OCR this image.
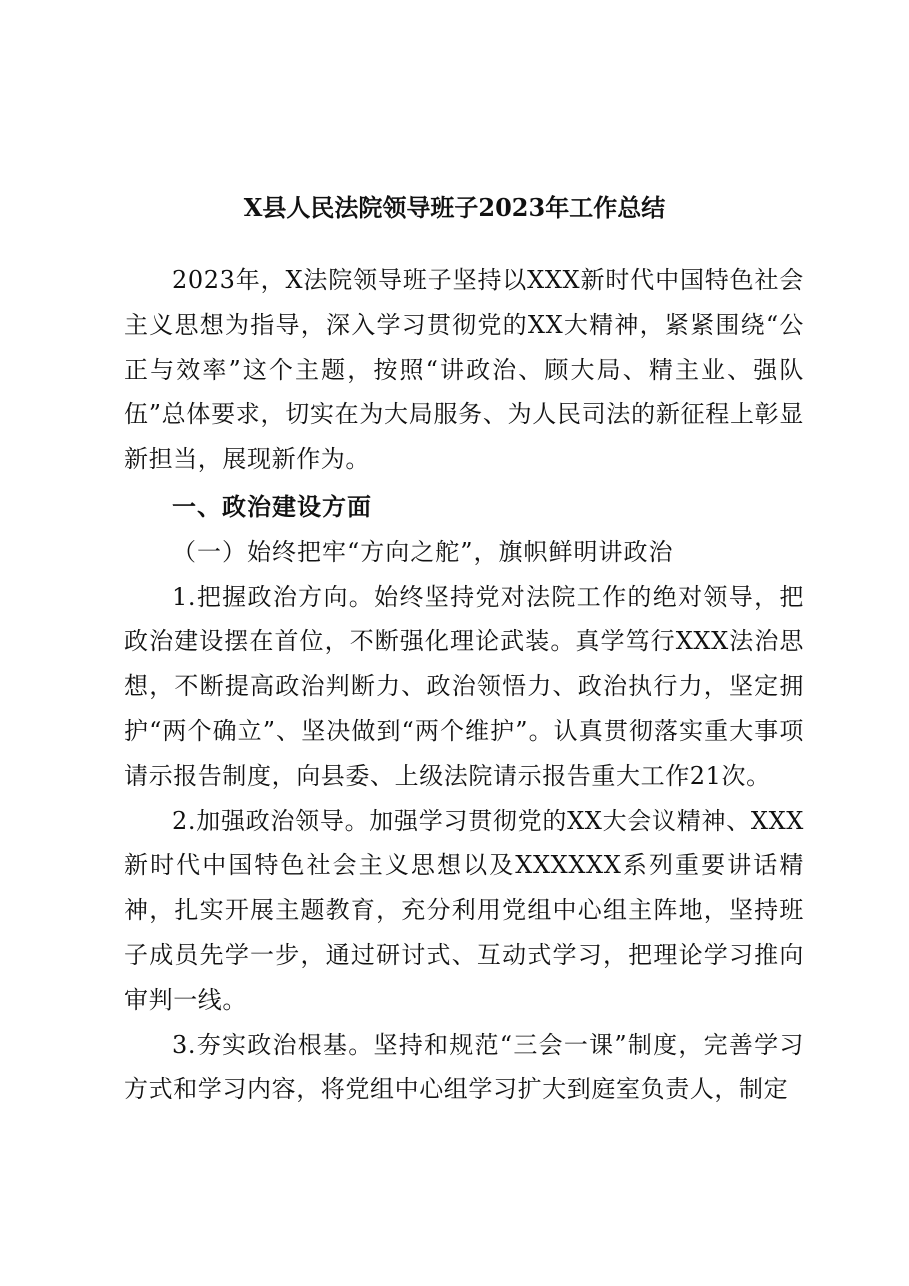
X县人民法院领导班子2023年工作总结

2023年，X法院领导班子坚持以XXX新时代中国特色社会主义思想为指导，深入学习贯彻党的XX大精神，紧紧围绕“公正与效率”这个主题，按照“讲政治、顾大局、精主业、强队伍”总体要求，切实在为大局服务、为人民司法的新征程上彰显新担当，展现新作为。

一、政治建设方面

（一）始终把牢“方向之舵”，旗帜鲜明讲政治

1.把握政治方向。始终坚持党对法院工作的绝对领导，把政治建设摆在首位，不断强化理论武装。真学笃行XXX法治思想，不断提高政治判断力、政治领悟力、政治执行力，坚定拥护“两个确立”、坚决做到“两个维护”。认真贯彻落实重大事项请示报告制度，向县委、上级法院请示报告重大工作21次。

2.加强政治领导。加强学习贯彻党的XX大会议精神、XXX新时代中国特色社会主义思想以及XXXXXX系列重要讲话精神，扎实开展主题教育，充分利用党组中心组主阵地，坚持班子成员先学一步，通过研讨式、互动式学习，把理论学习推向审判一线。

3.夯实政治根基。坚持和规范“三会一课”制度，完善学习方式和学习内容，将党组中心组学习扩大到庭室负责人，制定
